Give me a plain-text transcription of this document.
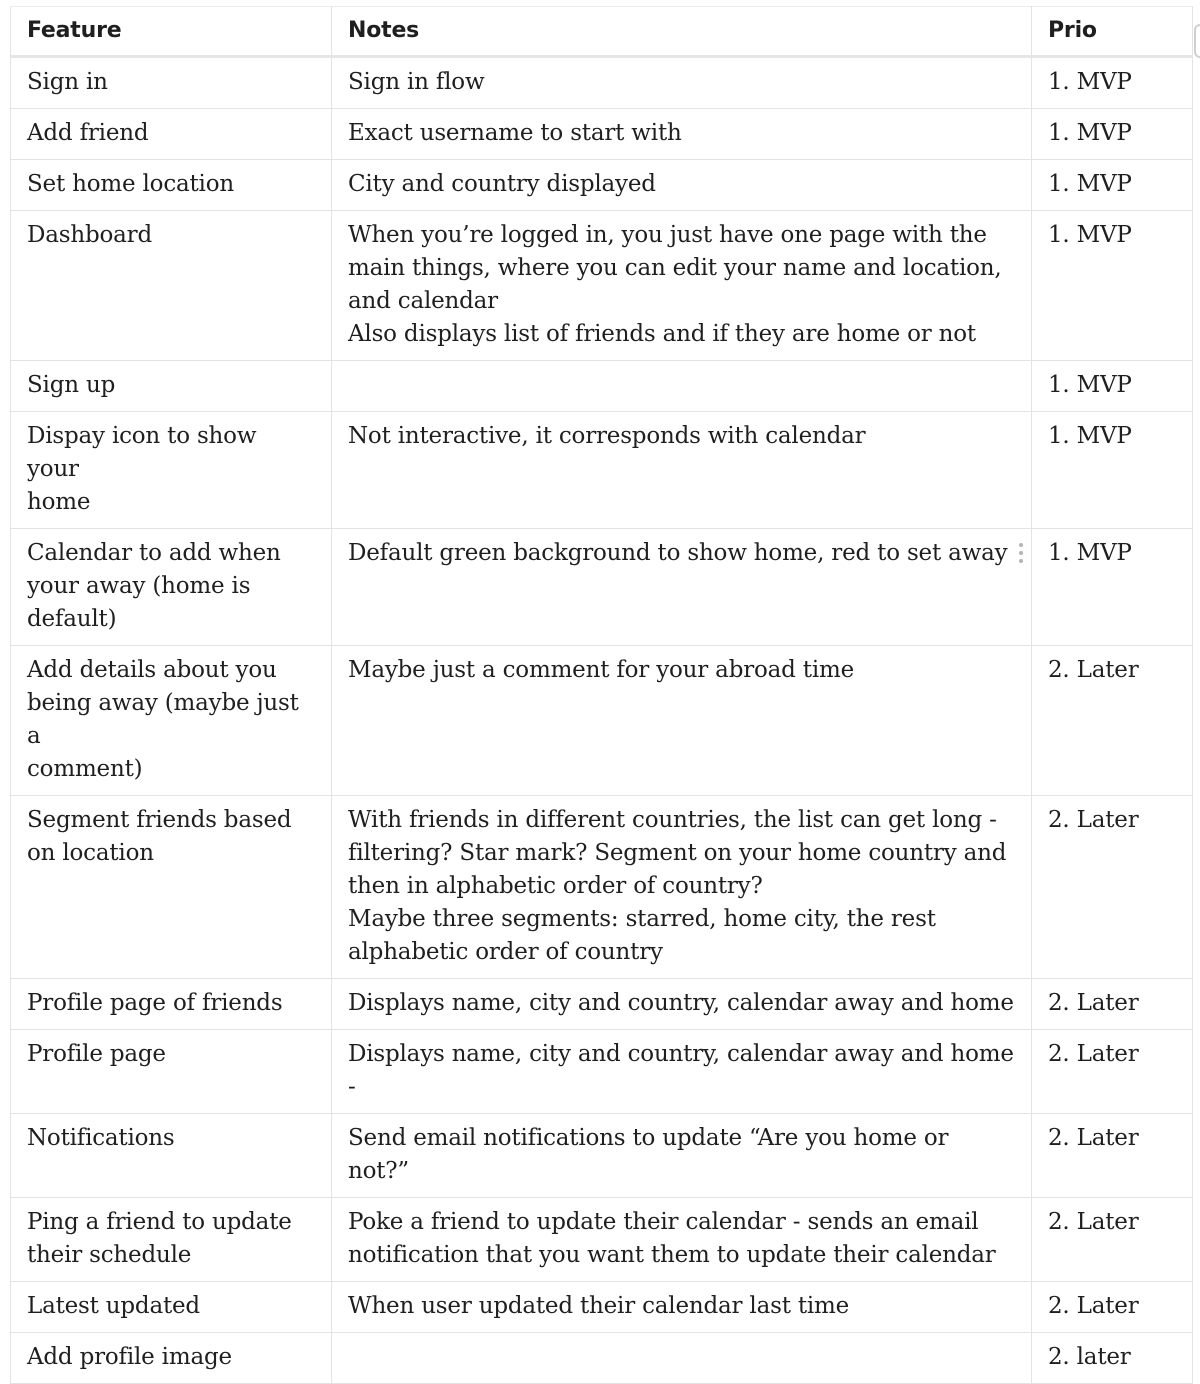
Feature	Notes	Prio

Sign in	Sign in flow	1. MVP

Add friend	Exact username to start with	1. MVP

Set home location	City and country displayed	1. MVP

Dashboard	When you’re logged in, you just have one page with the
main things, where you can edit your name and location,
and calendar
Also displays list of friends and if they are home or not	1. MVP

Sign up		1. MVP

Dispay icon to show your
home	Not interactive, it corresponds with calendar	1. MVP

Calendar to add when
your away (home is
default)	Default green background to show home, red to set away	1. MVP

Add details about you
being away (maybe just a
comment)	Maybe just a comment for your abroad time	2. Later

Segment friends based
on location	With friends in different countries, the list can get long -
filtering? Star mark? Segment on your home country and
then in alphabetic order of country?
Maybe three segments: starred, home city, the rest
alphabetic order of country	2. Later

Profile page of friends	Displays name, city and country, calendar away and home	2. Later

Profile page	Displays name, city and country, calendar away and home -	2. Later

Notifications	Send email notifications to update “Are you home or not?”	2. Later

Ping a friend to update
their schedule	Poke a friend to update their calendar - sends an email
notification that you want them to update their calendar	2. Later

Latest updated	When user updated their calendar last time	2. Later

Add profile image		2. later
